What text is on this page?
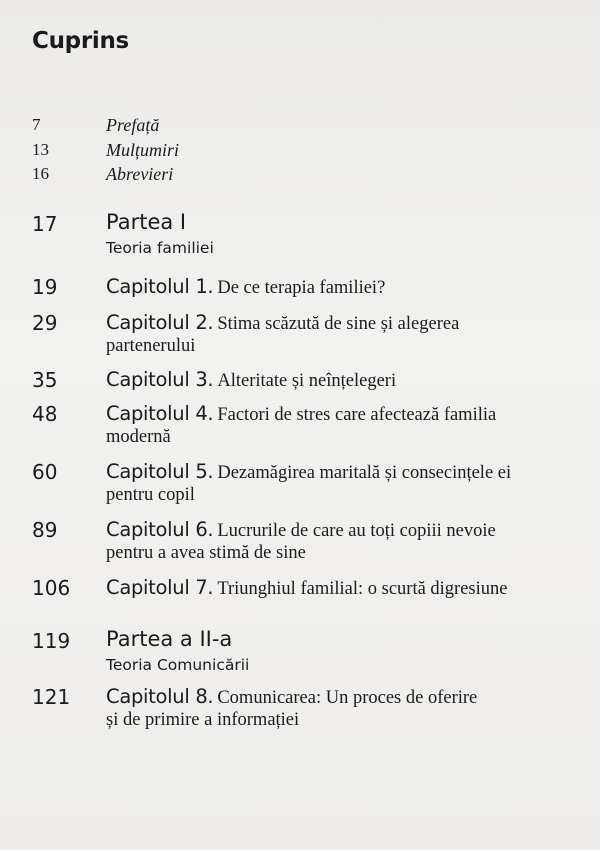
Cuprins
7	Prefață
13	Mulțumiri
16	Abrevieri
17 Partea I
Teoria familiei
19 Capitolul 1. De ce terapia familiei?
29 Capitolul 2. Stima scăzută de sine și alegerea
partenerului
35 Capitolul 3. Alteritate și neînțelegeri
48 Capitolul 4. Factori de stres care afectează familia
modernă
60 Capitolul 5. Dezamăgirea maritală și consecințele ei
pentru copil
89 Capitolul 6. Lucrurile de care au toți copiii nevoie
pentru a avea stimă de sine
106 Capitolul 7. Triunghiul familial: o scurtă digresiune
119 Partea a II-a
Teoria Comunicării
121 Capitolul 8. Comunicarea: Un proces de oferire
și de primire a informației
